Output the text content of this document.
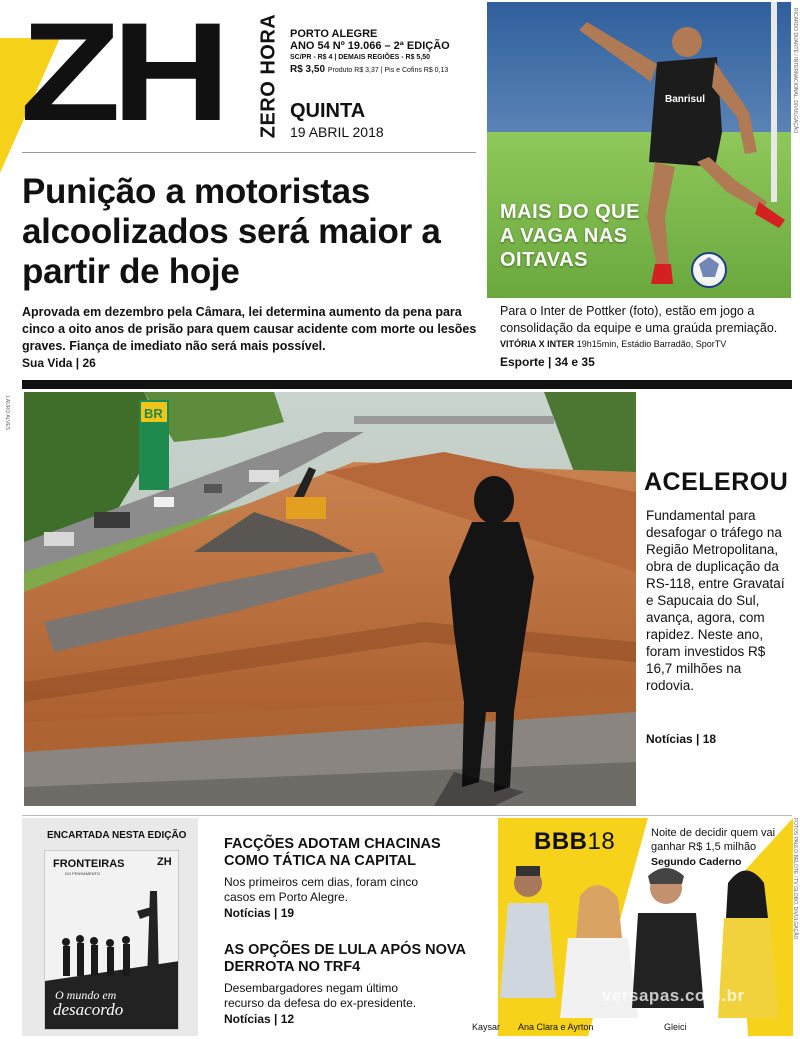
ZH ZERO HORA PORTO ALEGRE
ANO 54 Nº 19.066 – 2ª EDIÇÃO
SC/PR - R$ 4 | DEMAIS REGIÕES - R$ 5,50
R$ 3,50 Produto R$ 3,37 | Pis e Cofins R$ 0,13
QUINTA
19 ABRIL 2018
Punição a motoristas alcoolizados será maior a partir de hoje

Aprovada em dezembro pela Câmara, lei determina aumento da pena para cinco a oito anos de prisão para quem causar acidente com morte ou lesões graves. Fiança de imediato não será mais possível.

Sua Vida | 26
Banrisul
MAIS DO QUE A VAGA NAS OITAVAS
RICARDO DUARTE / INTERNACIONAL, DIVULGAÇÃO

Para o Inter de Pottker (foto), estão em jogo a consolidação da equipe e uma graúda premiação.

VITÓRIA X INTER 19h15min, Estádio Barradão, SporTV
Esporte | 34 e 35
BR
LAURO ALVES
ACELEROU

Fundamental para desafogar o tráfego na Região Metropolitana, obra de duplicação da RS-118, entre Gravataí e Sapucaia do Sul, avança, agora, com rapidez. Neste ano, foram investidos R$ 16,7 milhões na rodovia.

Notícias | 18
ENCARTADA NESTA EDIÇÃO
FRONTEIRAS
DO PENSAMENTO
ZH
O mundo em
desacordo
FACÇÕES ADOTAM CHACINAS COMO TÁTICA NA CAPITAL

Nos primeiros cem dias, foram cinco casos em Porto Alegre.

Notícias | 19
AS OPÇÕES DE LULA APÓS NOVA DERROTA NO TRF4

Desembargadores negam último recurso da defesa do ex-presidente.

Notícias | 12
BBB18	Noite de decidir quem vai ganhar R$ 1,5 milhão

Segundo Caderno
Kaysar Ana Clara e Ayrton	Gleici
FOTOS PAULO BELOTE / TV GLOBO, DIVULGAÇÃO
versapas.com.br
